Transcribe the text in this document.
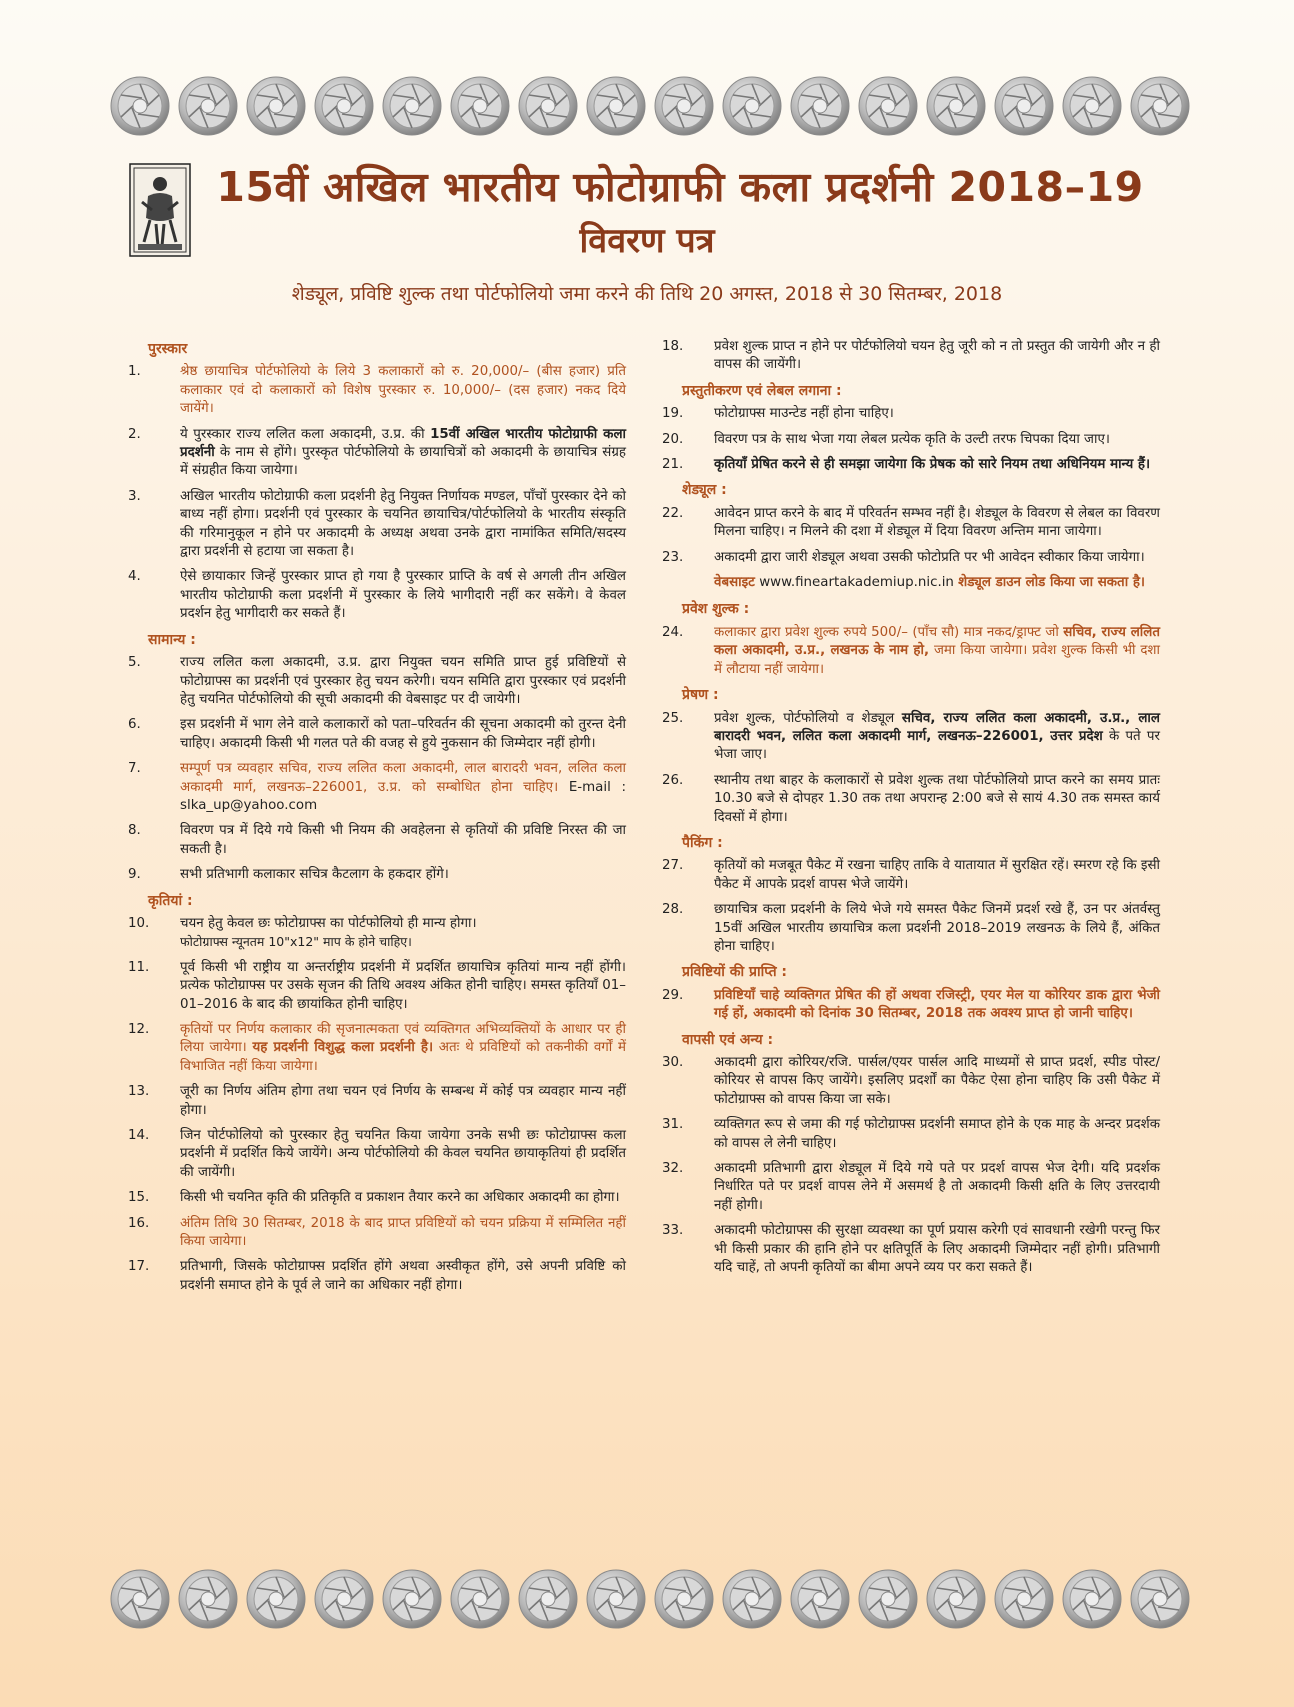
15वीं अखिल भारतीय फोटोग्राफी कला प्रदर्शनी 2018–19
विवरण पत्र
शेड्यूल, प्रविष्टि शुल्क तथा पोर्टफोलियो जमा करने की तिथि 20 अगस्त, 2018 से 30 सितम्बर, 2018
पुरस्कार
1.	श्रेष्ठ छायाचित्र पोर्टफोलियो के लिये 3 कलाकारों को रु. 20,000/– (बीस हजार) प्रति कलाकार एवं दो कलाकारों को विशेष पुरस्कार रु. 10,000/– (दस हजार) नकद दिये जायेंगे।
2.	ये पुरस्कार राज्य ललित कला अकादमी, उ.प्र. की 15वीं अखिल भारतीय फोटोग्राफी कला प्रदर्शनी के नाम से होंगे। पुरस्कृत पोर्टफोलियो के छायाचित्रों को अकादमी के छायाचित्र संग्रह में संग्रहीत किया जायेगा।
3.	अखिल भारतीय फोटोग्राफी कला प्रदर्शनी हेतु नियुक्त निर्णायक मण्डल, पाँचों पुरस्कार देने को बाध्य नहीं होगा। प्रदर्शनी एवं पुरस्कार के चयनित छायाचित्र/पोर्टफोलियो के भारतीय संस्कृति की गरिमानुकूल न होने पर अकादमी के अध्यक्ष अथवा उनके द्वारा नामांकित समिति/सदस्य द्वारा प्रदर्शनी से हटाया जा सकता है।
4.	ऐसे छायाकार जिन्हें पुरस्कार प्राप्त हो गया है पुरस्कार प्राप्ति के वर्ष से अगली तीन अखिल भारतीय फोटोग्राफी कला प्रदर्शनी में पुरस्कार के लिये भागीदारी नहीं कर सकेंगे। वे केवल प्रदर्शन हेतु भागीदारी कर सकते हैं।
सामान्य :
5.	राज्य ललित कला अकादमी, उ.प्र. द्वारा नियुक्त चयन समिति प्राप्त हुई प्रविष्टियों से फोटोग्राफ्स का प्रदर्शनी एवं पुरस्कार हेतु चयन करेगी। चयन समिति द्वारा पुरस्कार एवं प्रदर्शनी हेतु चयनित पोर्टफोलियो की सूची अकादमी की वेबसाइट पर दी जायेगी।
6.	इस प्रदर्शनी में भाग लेने वाले कलाकारों को पता–परिवर्तन की सूचना अकादमी को तुरन्त देनी चाहिए। अकादमी किसी भी गलत पते की वजह से हुये नुकसान की जिम्मेदार नहीं होगी।
7.	सम्पूर्ण पत्र व्यवहार सचिव, राज्य ललित कला अकादमी, लाल बारादरी भवन, ललित कला अकादमी मार्ग, लखनऊ–226001, उ.प्र. को सम्बोधित होना चाहिए। E-mail : slka_up@yahoo.com
8.	विवरण पत्र में दिये गये किसी भी नियम की अवहेलना से कृतियों की प्रविष्टि निरस्त की जा सकती है।
9.	सभी प्रतिभागी कलाकार सचित्र कैटलाग के हकदार होंगे।
कृतियां :
10.	चयन हेतु केवल छः फोटोग्राफ्स का पोर्टफोलियो ही मान्य होगा।
फोटोग्राफ्स न्यूनतम 10"x12" माप के होने चाहिए।
11.	पूर्व किसी भी राष्ट्रीय या अन्तर्राष्ट्रीय प्रदर्शनी में प्रदर्शित छायाचित्र कृतियां मान्य नहीं होंगी। प्रत्येक फोटोग्राफ्स पर उसके सृजन की तिथि अवश्य अंकित होनी चाहिए। समस्त कृतियाँ 01–01–2016 के बाद की छायांकित होनी चाहिए।
12.	कृतियों पर निर्णय कलाकार की सृजनात्मकता एवं व्यक्तिगत अभिव्यक्तियों के आधार पर ही लिया जायेगा। यह प्रदर्शनी विशुद्ध कला प्रदर्शनी है। अतः थे प्रविष्टियों को तकनीकी वर्गों में विभाजित नहीं किया जायेगा।
13.	जूरी का निर्णय अंतिम होगा तथा चयन एवं निर्णय के सम्बन्ध में कोई पत्र व्यवहार मान्य नहीं होगा।
14.	जिन पोर्टफोलियो को पुरस्कार हेतु चयनित किया जायेगा उनके सभी छः फोटोग्राफ्स कला प्रदर्शनी में प्रदर्शित किये जायेंगे। अन्य पोर्टफोलियो की केवल चयनित छायाकृतियां ही प्रदर्शित की जायेंगी।
15.	किसी भी चयनित कृति की प्रतिकृति व प्रकाशन तैयार करने का अधिकार अकादमी का होगा।
16.	अंतिम तिथि 30 सितम्बर, 2018 के बाद प्राप्त प्रविष्टियों को चयन प्रक्रिया में सम्मिलित नहीं किया जायेगा।
17.	प्रतिभागी, जिसके फोटोग्राफ्स प्रदर्शित होंगे अथवा अस्वीकृत होंगे, उसे अपनी प्रविष्टि को प्रदर्शनी समाप्त होने के पूर्व ले जाने का अधिकार नहीं होगा।
18.	प्रवेश शुल्क प्राप्त न होने पर पोर्टफोलियो चयन हेतु जूरी को न तो प्रस्तुत की जायेगी और न ही वापस की जायेंगी।
प्रस्तुतीकरण एवं लेबल लगाना :
19.	फोटोग्राफ्स माउन्टेड नहीं होना चाहिए।
20.	विवरण पत्र के साथ भेजा गया लेबल प्रत्येक कृति के उल्टी तरफ चिपका दिया जाए।
21.	कृतियाँ प्रेषित करने से ही समझा जायेगा कि प्रेषक को सारे नियम तथा अधिनियम मान्य हैं।
शेड्यूल :
22.	आवेदन प्राप्त करने के बाद में परिवर्तन सम्भव नहीं है। शेड्यूल के विवरण से लेबल का विवरण मिलना चाहिए। न मिलने की दशा में शेड्यूल में दिया विवरण अन्तिम माना जायेगा।
23.	अकादमी द्वारा जारी शेड्यूल अथवा उसकी फोटोप्रति पर भी आवेदन स्वीकार किया जायेगा।
वेबसाइट www.fineartakademiup.nic.in शेड्यूल डाउन लोड किया जा सकता है।
प्रवेश शुल्क :
24.	कलाकार द्वारा प्रवेश शुल्क रुपये 500/– (पाँच सौ) मात्र नकद/ड्राफ्ट जो सचिव, राज्य ललित कला अकादमी, उ.प्र., लखनऊ के नाम हो, जमा किया जायेगा। प्रवेश शुल्क किसी भी दशा में लौटाया नहीं जायेगा।
प्रेषण :
25.	प्रवेश शुल्क, पोर्टफोलियो व शेड्यूल सचिव, राज्य ललित कला अकादमी, उ.प्र., लाल बारादरी भवन, ललित कला अकादमी मार्ग, लखनऊ–226001, उत्तर प्रदेश के पते पर भेजा जाए।
26.	स्थानीय तथा बाहर के कलाकारों से प्रवेश शुल्क तथा पोर्टफोलियो प्राप्त करने का समय प्रातः 10.30 बजे से दोपहर 1.30 तक तथा अपरान्ह 2:00 बजे से सायं 4.30 तक समस्त कार्य दिवसों में होगा।
पैकिंग :
27.	कृतियों को मजबूत पैकेट में रखना चाहिए ताकि वे यातायात में सुरक्षित रहें। स्मरण रहे कि इसी पैकेट में आपके प्रदर्श वापस भेजे जायेंगे।
28.	छायाचित्र कला प्रदर्शनी के लिये भेजे गये समस्त पैकेट जिनमें प्रदर्श रखे हैं, उन पर अंतर्वस्तु 15वीं अखिल भारतीय छायाचित्र कला प्रदर्शनी 2018–2019 लखनऊ के लिये हैं, अंकित होना चाहिए।
प्रविष्टियों की प्राप्ति :
29.	प्रविष्टियाँ चाहे व्यक्तिगत प्रेषित की हों अथवा रजिस्ट्री, एयर मेल या कोरियर डाक द्वारा भेजी गई हों, अकादमी को दिनांक 30 सितम्बर, 2018 तक अवश्य प्राप्त हो जानी चाहिए।
वापसी एवं अन्य :
30.	अकादमी द्वारा कोरियर/रजि. पार्सल/एयर पार्सल आदि माध्यमों से प्राप्त प्रदर्श, स्पीड पोस्ट/कोरियर से वापस किए जायेंगे। इसलिए प्रदर्शों का पैकेट ऐसा होना चाहिए कि उसी पैकेट में फोटोग्राफ्स को वापस किया जा सके।
31.	व्यक्तिगत रूप से जमा की गई फोटोग्राफ्स प्रदर्शनी समाप्त होने के एक माह के अन्दर प्रदर्शक को वापस ले लेनी चाहिए।
32.	अकादमी प्रतिभागी द्वारा शेड्यूल में दिये गये पते पर प्रदर्श वापस भेज देगी। यदि प्रदर्शक निर्धारित पते पर प्रदर्श वापस लेने में असमर्थ है तो अकादमी किसी क्षति के लिए उत्तरदायी नहीं होगी।
33.	अकादमी फोटोग्राफ्स की सुरक्षा व्यवस्था का पूर्ण प्रयास करेगी एवं सावधानी रखेगी परन्तु फिर भी किसी प्रकार की हानि होने पर क्षतिपूर्ति के लिए अकादमी जिम्मेदार नहीं होगी। प्रतिभागी यदि चाहें, तो अपनी कृतियों का बीमा अपने व्यय पर करा सकते हैं।
